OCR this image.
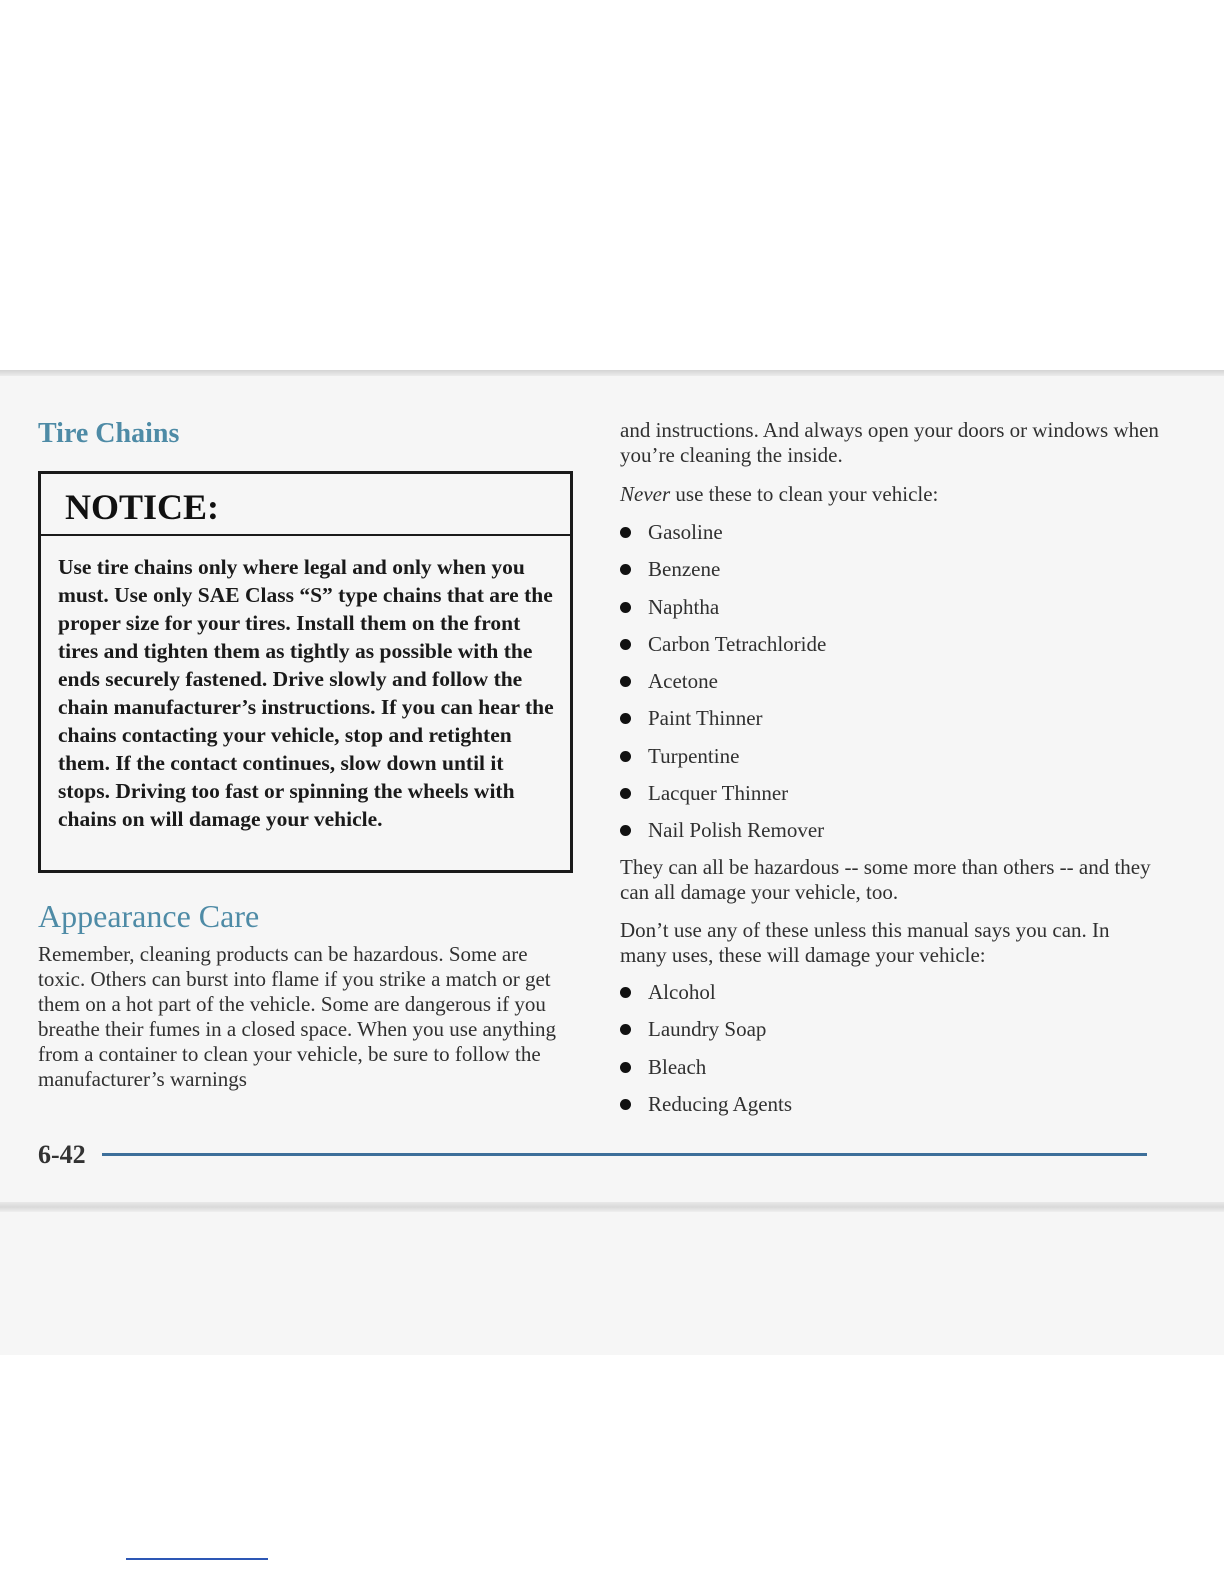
Tire Chains
NOTICE:
Use tire chains only where legal and only when you must. Use only SAE Class “S” type chains that are the proper size for your tires. Install them on the front tires and tighten them as tightly as possible with the ends securely fastened. Drive slowly and follow the chain manufacturer’s instructions. If you can hear the chains contacting your vehicle, stop and retighten them. If the contact continues, slow down until it stops. Driving too fast or spinning the wheels with chains on will damage your vehicle.
Appearance Care

Remember, cleaning products can be hazardous. Some are toxic. Others can burst into flame if you strike a match or get them on a hot part of the vehicle. Some are dangerous if you breathe their fumes in a closed space. When you use anything from a container to clean your vehicle, be sure to follow the manufacturer’s warnings

and instructions. And always open your doors or windows when you’re cleaning the inside.

Never use these to clean your vehicle:

Gasoline
Benzene
Naphtha
Carbon Tetrachloride
Acetone
Paint Thinner
Turpentine
Lacquer Thinner
Nail Polish Remover

They can all be hazardous -- some more than others -- and they can all damage your vehicle, too.

Don’t use any of these unless this manual says you can. In many uses, these will damage your vehicle:

Alcohol
Laundry Soap
Bleach
Reducing Agents
6-42
